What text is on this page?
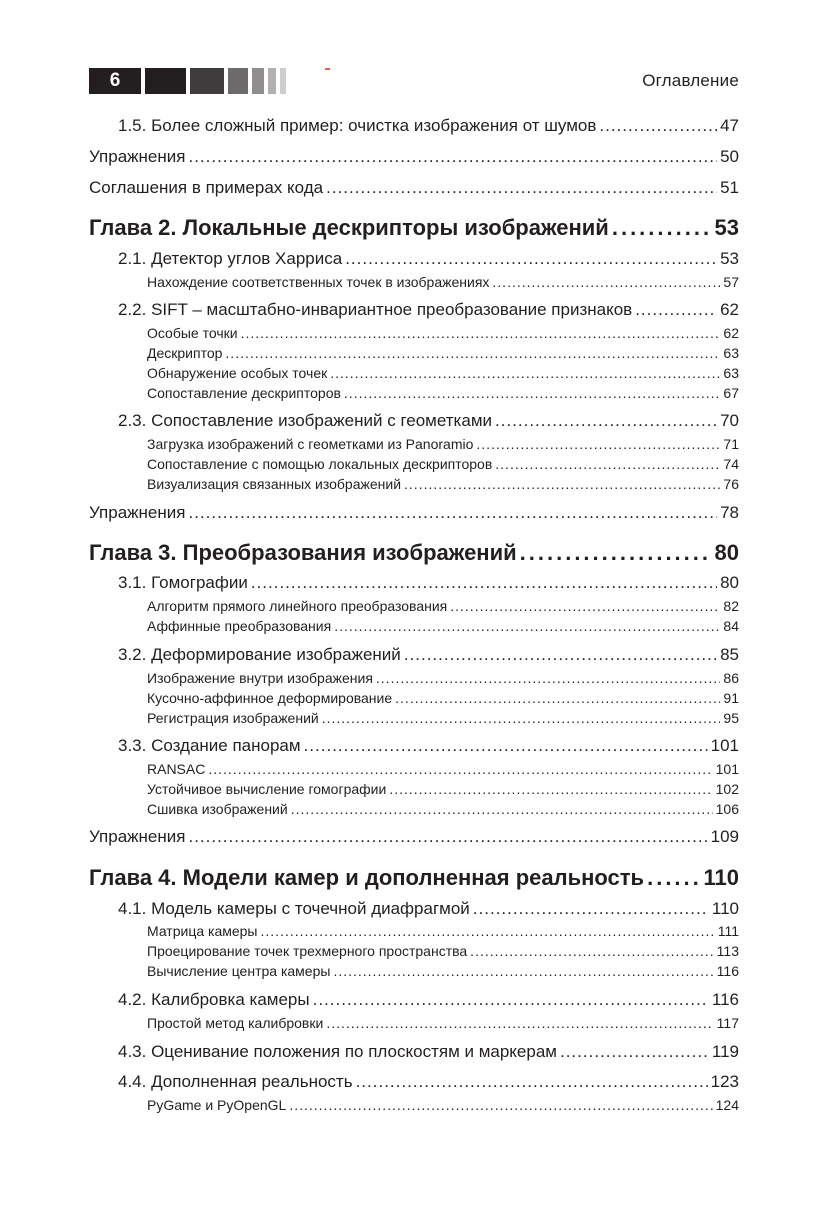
6	Оглавление
1.5. Более сложный пример: очистка изображения от шумов .....	47
Упражнения .....	50
Соглашения в примерах кода .....	51
Глава 2. Локальные дескрипторы изображений .....	53
2.1. Детектор углов Харриса .....	53
Нахождение соответственных точек в изображениях .....	57
2.2. SIFT – масштабно-инвариантное преобразование признаков .....	62
Особые точки .....	62
Дескриптор .....	63
Обнаружение особых точек .....	63
Сопоставление дескрипторов .....	67
2.3. Сопоставление изображений с геометками .....	70
Загрузка изображений с геометками из Panoramio .....	71
Сопоставление с помощью локальных дескрипторов .....	74
Визуализация связанных изображений .....	76
Упражнения .....	78
Глава 3. Преобразования изображений .....	80
3.1. Гомографии .....	80
Алгоритм прямого линейного преобразования .....	82
Аффинные преобразования .....	84
3.2. Деформирование изображений .....	85
Изображение внутри изображения .....	86
Кусочно-аффинное деформирование .....	91
Регистрация изображений .....	95
3.3. Создание панорам .....	101
RANSAC .....	101
Устойчивое вычисление гомографии .....	102
Сшивка изображений .....	106
Упражнения .....	109
Глава 4. Модели камер и дополненная реальность .....	110
4.1. Модель камеры с точечной диафрагмой .....	110
Матрица камеры .....	111
Проецирование точек трехмерного пространства .....	113
Вычисление центра камеры .....	116
4.2. Калибровка камеры .....	116
Простой метод калибровки .....	117
4.3. Оценивание положения по плоскостям и маркерам .....	119
4.4. Дополненная реальность .....	123
PyGame и PyOpenGL .....	124
